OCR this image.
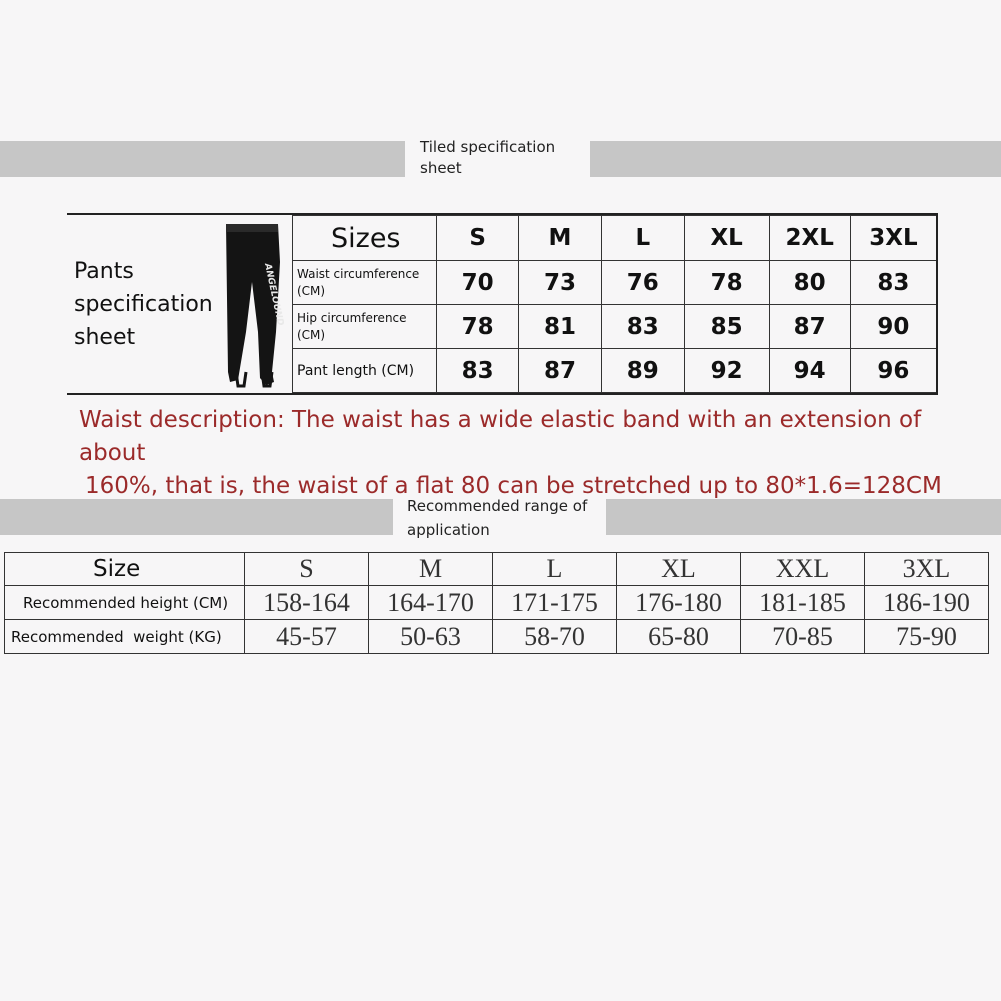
Tiled specification
sheet
Pants
specification
sheet
ANGELOUND
Sizes	S	M	L	XL	2XL	3XL

Waist circumference
(CM)	70	73	76	78	80	83

Hip circumference
(CM)	78	81	83	85	87	90

Pant length (CM)	83	87	89	92	94	96
Waist description: The waist has a wide elastic band with an extension of about
160%, that is, the waist of a flat 80 can be stretched up to 80*1.6=128CM
Recommended range of
application
Size	S	M	L	XL	XXL	3XL
Recommended height (CM)	158-164	164-170	171-175	176-180	181-185	186-190
Recommended  weight (KG)	45-57	50-63	58-70	65-80	70-85	75-90
